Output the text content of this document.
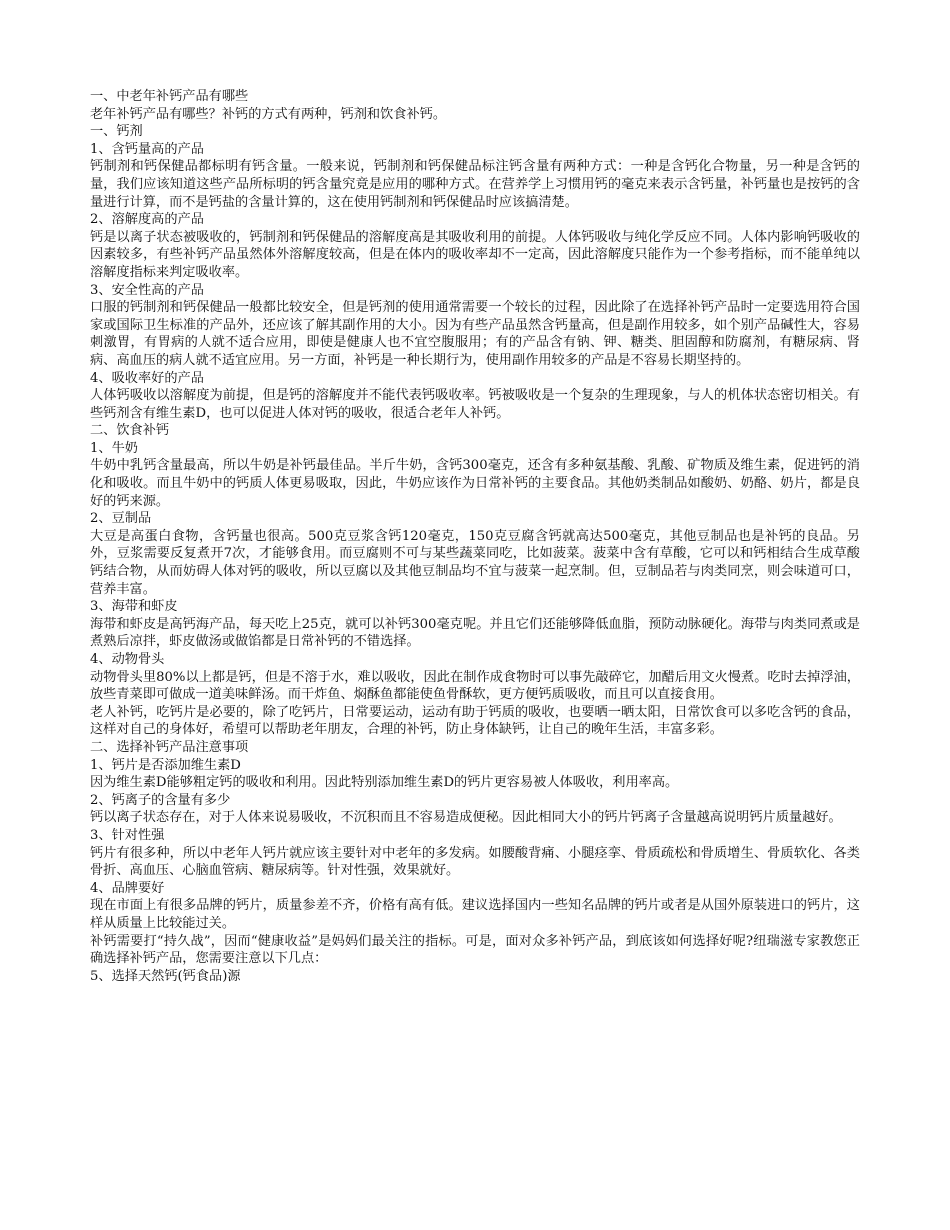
一、中老年补钙产品有哪些

老年补钙产品有哪些？补钙的方式有两种，钙剂和饮食补钙。

一、钙剂

1、含钙量高的产品

钙制剂和钙保健品都标明有钙含量。一般来说，钙制剂和钙保健品标注钙含量有两种方式：一种是含钙化合物量，另一种是含钙的量，我们应该知道这些产品所标明的钙含量究竟是应用的哪种方式。在营养学上习惯用钙的毫克来表示含钙量，补钙量也是按钙的含量进行计算，而不是钙盐的含量计算的，这在使用钙制剂和钙保健品时应该搞清楚。

2、溶解度高的产品

钙是以离子状态被吸收的，钙制剂和钙保健品的溶解度高是其吸收利用的前提。人体钙吸收与纯化学反应不同。人体内影响钙吸收的因素较多，有些补钙产品虽然体外溶解度较高，但是在体内的吸收率却不一定高，因此溶解度只能作为一个参考指标，而不能单纯以溶解度指标来判定吸收率。

3、安全性高的产品

口服的钙制剂和钙保健品一般都比较安全，但是钙剂的使用通常需要一个较长的过程，因此除了在选择补钙产品时一定要选用符合国家或国际卫生标准的产品外，还应该了解其副作用的大小。因为有些产品虽然含钙量高，但是副作用较多，如个别产品碱性大，容易刺激胃，有胃病的人就不适合应用，即使是健康人也不宜空腹服用；有的产品含有钠、钾、糖类、胆固醇和防腐剂，有糖尿病、肾病、高血压的病人就不适宜应用。另一方面，补钙是一种长期行为，使用副作用较多的产品是不容易长期坚持的。

4、吸收率好的产品

人体钙吸收以溶解度为前提，但是钙的溶解度并不能代表钙吸收率。钙被吸收是一个复杂的生理现象，与人的机体状态密切相关。有些钙剂含有维生素D，也可以促进人体对钙的吸收，很适合老年人补钙。

二、饮食补钙

1、牛奶

牛奶中乳钙含量最高，所以牛奶是补钙最佳品。半斤牛奶，含钙300毫克，还含有多种氨基酸、乳酸、矿物质及维生素，促进钙的消化和吸收。而且牛奶中的钙质人体更易吸取，因此，牛奶应该作为日常补钙的主要食品。其他奶类制品如酸奶、奶酪、奶片，都是良好的钙来源。

2、豆制品

大豆是高蛋白食物，含钙量也很高。500克豆浆含钙120毫克，150克豆腐含钙就高达500毫克，其他豆制品也是补钙的良品。另外，豆浆需要反复煮开7次，才能够食用。而豆腐则不可与某些蔬菜同吃，比如菠菜。菠菜中含有草酸，它可以和钙相结合生成草酸钙结合物，从而妨碍人体对钙的吸收，所以豆腐以及其他豆制品均不宜与菠菜一起烹制。但，豆制品若与肉类同烹，则会味道可口，营养丰富。

3、海带和虾皮

海带和虾皮是高钙海产品，每天吃上25克，就可以补钙300毫克呢。并且它们还能够降低血脂，预防动脉硬化。海带与肉类同煮或是煮熟后凉拌，虾皮做汤或做馅都是日常补钙的不错选择。

4、动物骨头

动物骨头里80%以上都是钙，但是不溶于水，难以吸收，因此在制作成食物时可以事先敲碎它，加醋后用文火慢煮。吃时去掉浮油，放些青菜即可做成一道美味鲜汤。而干炸鱼、焖酥鱼都能使鱼骨酥软，更方便钙质吸收，而且可以直接食用。

老人补钙，吃钙片是必要的，除了吃钙片，日常要运动，运动有助于钙质的吸收，也要晒一晒太阳，日常饮食可以多吃含钙的食品，这样对自己的身体好，希望可以帮助老年朋友，合理的补钙，防止身体缺钙，让自己的晚年生活，丰富多彩。

二、选择补钙产品注意事项

1、钙片是否添加维生素D

因为维生素D能够粗定钙的吸收和利用。因此特别添加维生素D的钙片更容易被人体吸收，利用率高。

2、钙离子的含量有多少

钙以离子状态存在，对于人体来说易吸收，不沉积而且不容易造成便秘。因此相同大小的钙片钙离子含量越高说明钙片质量越好。

3、针对性强

钙片有很多种，所以中老年人钙片就应该主要针对中老年的多发病。如腰酸背痛、小腿痉挛、骨质疏松和骨质增生、骨质软化、各类骨折、高血压、心脑血管病、糖尿病等。针对性强，效果就好。

4、品牌要好

现在市面上有很多品牌的钙片，质量参差不齐，价格有高有低。建议选择国内一些知名品牌的钙片或者是从国外原装进口的钙片，这样从质量上比较能过关。

补钙需要打“持久战”，因而“健康收益”是妈妈们最关注的指标。可是，面对众多补钙产品，到底该如何选择好呢?纽瑞滋专家教您正确选择补钙产品，您需要注意以下几点：

5、选择天然钙(钙食品)源
